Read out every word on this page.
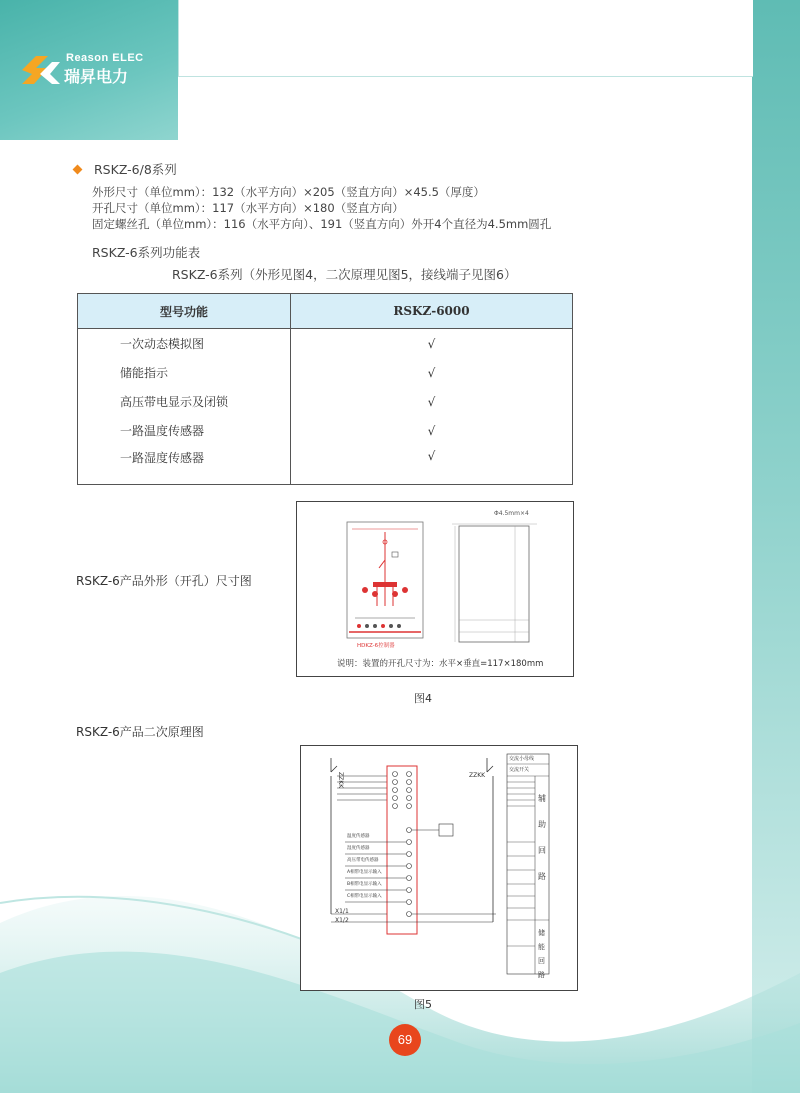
Reason ELEC
瑞昇电力
RSKZ-6/8系列
外形尺寸（单位mm）：132（水平方向）×205（竖直方向）×45.5（厚度）
开孔尺寸（单位mm）：117（水平方向）×180（竖直方向）
固定螺丝孔（单位mm）：116（水平方向）、191（竖直方向）外开4个直径为4.5mm圆孔
RSKZ-6系列功能表
RSKZ-6系列（外形见图4，二次原理见图5，接线端子见图6）
型号功能	RSKZ-6000
一次动态模拟图	√
储能指示	√
高压带电显示及闭锁	√
一路温度传感器	√
一路湿度传感器	√
RSKZ-6产品外形（开孔）尺寸图
Φ4.5mm×4
HDKZ-6控制器
说明：装置的开孔尺寸为：水平×垂直=117×180mm
图4
RSKZ-6产品二次原理图
ZZKK	ZZKK
X1/1
X1/2
温度传感器
湿度传感器
高压带电传感器
A相带电显示输入
B相带电显示输入
C相带电显示输入
交流小母线
交流开关
辅助回路
储能回路
图5
69
